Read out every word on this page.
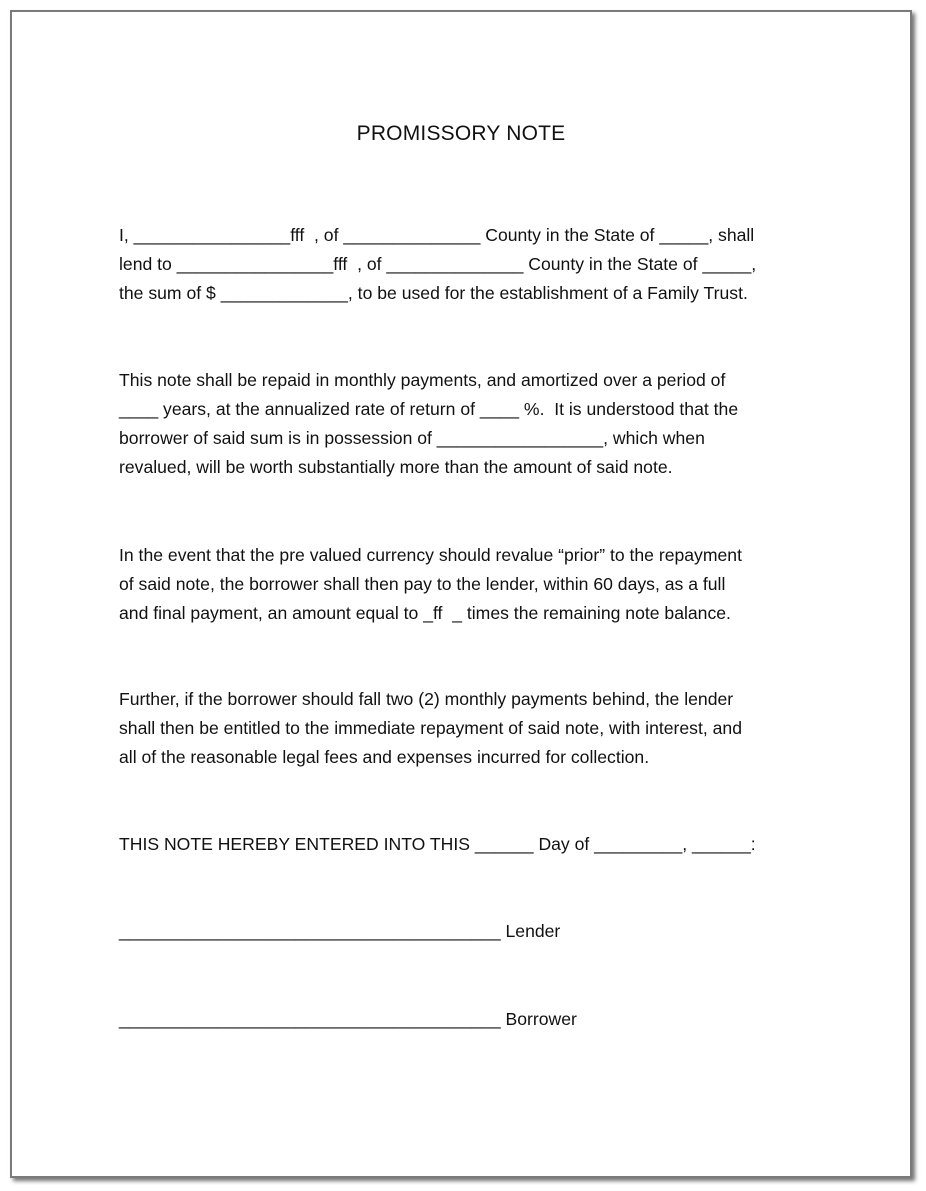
PROMISSORY NOTE
I, ________________fff  , of ______________ County in the State of _____, shall
lend to ________________fff  , of ______________ County in the State of _____,
the sum of $ _____________, to be used for the establishment of a Family Trust.
This note shall be repaid in monthly payments, and amortized over a period of
____ years, at the annualized rate of return of ____ %.  It is understood that the
borrower of said sum is in possession of _________________, which when
revalued, will be worth substantially more than the amount of said note.
In the event that the pre valued currency should revalue “prior” to the repayment
of said note, the borrower shall then pay to the lender, within 60 days, as a full
and final payment, an amount equal to _ff  _ times the remaining note balance.
Further, if the borrower should fall two (2) monthly payments behind, the lender
shall then be entitled to the immediate repayment of said note, with interest, and
all of the reasonable legal fees and expenses incurred for collection.
THIS NOTE HEREBY ENTERED INTO THIS ______ Day of _________, ______:
_______________________________________ Lender
_______________________________________ Borrower
